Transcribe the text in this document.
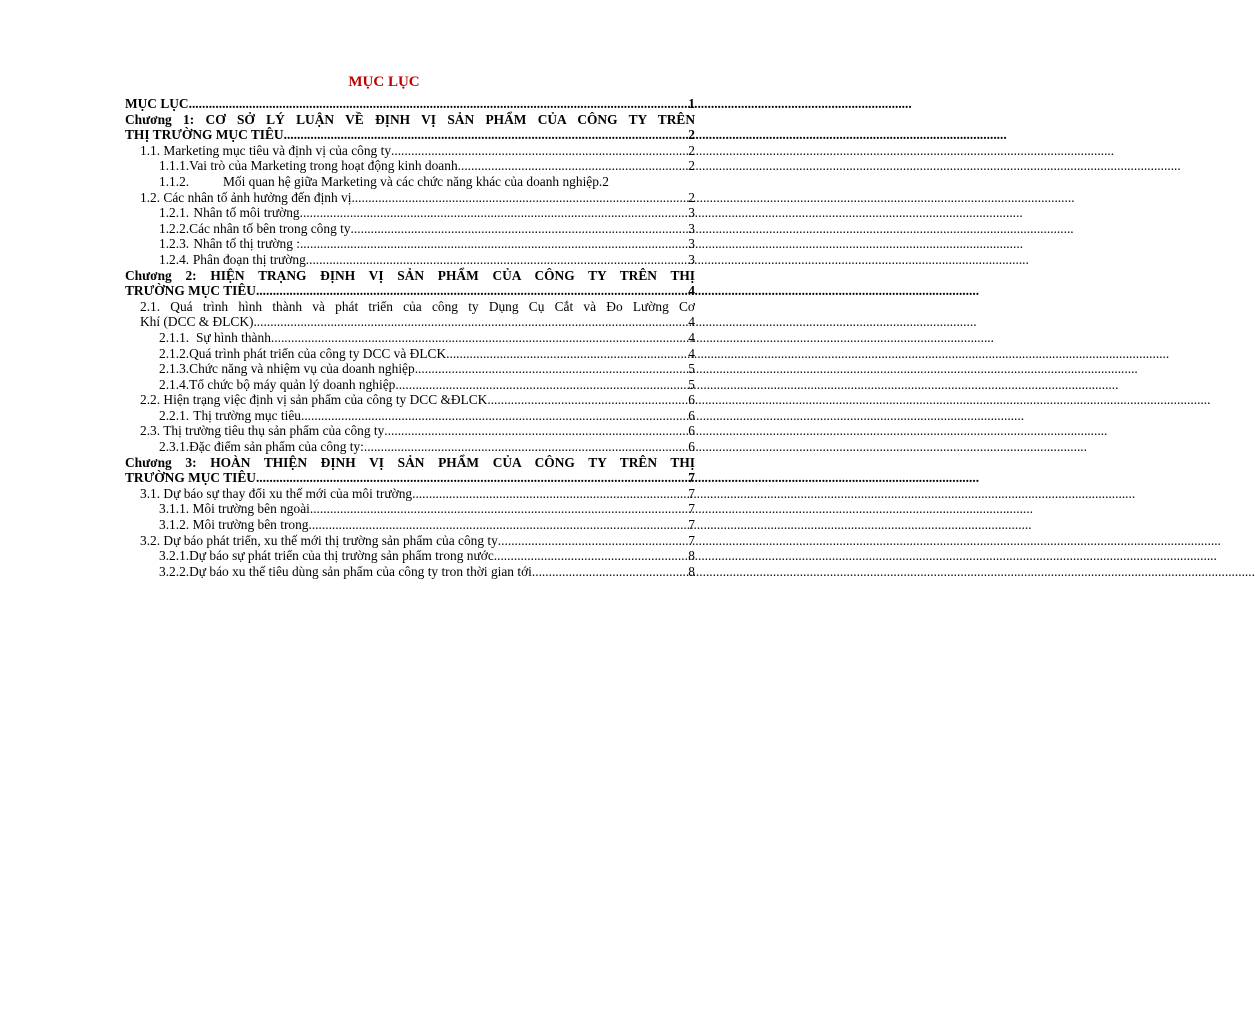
MỤC LỤC
MỤC LỤC .....	1
Chương 1: CƠ SỞ LÝ LUẬN VỀ ĐỊNH VỊ SẢN PHẨM CỦA CÔNG TY TRÊN
THỊ TRƯỜNG MỤC TIÊU .....	2
1.1. Marketing mục tiêu và định vị của công ty .....	2
1.1.1. Vai trò của Marketing trong hoạt động kinh doanh .....	2
1.1.2.	Mối quan hệ giữa Marketing và các chức năng khác của doanh nghiệp. 2
1.2. Các nhân tố ảnh hưởng đến định vị .....	2
1.2.1. Nhân tố môi trường .....	3
1.2.2. Các nhân tố bên trong công ty .....	3
1.2.3. Nhân tố thị trường : .....	3
1.2.4. Phân đoạn thị trường .....	3
Chương 2: HIỆN TRẠNG ĐỊNH VỊ SẢN PHẨM CỦA CÔNG TY TRÊN THỊ
TRƯỜNG MỤC TIÊU .....	4
2.1. Quá trình hình thành và phát triển của công ty Dụng Cụ Cắt và Đo Lường Cơ
Khí (DCC & ĐLCK) .....	4
2.1.1. Sự hình thành .....	4
2.1.2. Quá trình phát triển của công ty DCC và ĐLCK .....	4
2.1.3. Chức năng và nhiệm vụ của doanh nghiệp .....	5
2.1.4. Tổ chức bộ máy quản lý doanh nghiệp .....	5
2.2. Hiện trạng việc định vị sản phẩm của công ty DCC &ĐLCK .....	6
2.2.1. Thị trường mục tiêu .....	6
2.3. Thị trường tiêu thụ sản phẩm của công ty .....	6
2.3.1. Đặc điểm sản phẩm của công ty: .....	6
Chương 3: HOÀN THIỆN ĐỊNH VỊ SẢN PHẨM CỦA CÔNG TY TRÊN THỊ
TRƯỜNG MỤC TIÊU .....	7
3.1. Dự báo sự thay đổi xu thế mới của môi trường .....	7
3.1.1. Môi trường bên ngoài .....	7
3.1.2. Môi trường bên trong .....	7
3.2. Dự báo phát triển, xu thế mới thị trường sản phẩm của công ty .....	7
3.2.1. Dự báo sự phát triển của thị trường sản phẩm trong nước .....	8
3.2.2. Dự báo xu thế tiêu dùng sản phẩm của công ty tron thời gian tới .....	8
